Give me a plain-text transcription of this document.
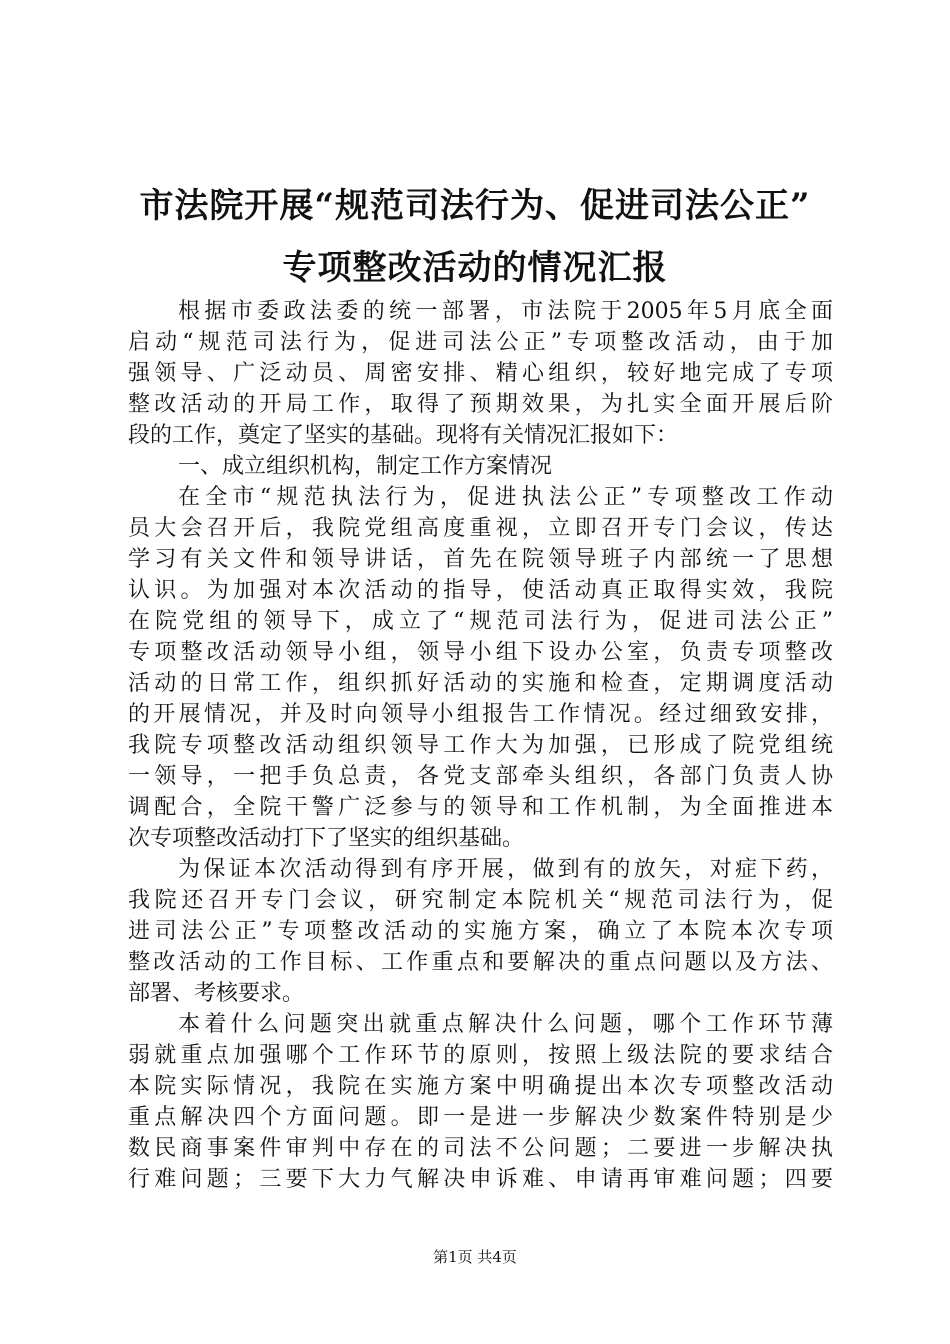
市法院开展“规范司法行为、促进司法公正”
专项整改活动的情况汇报
根据市委政法委的统一部署，市法院于2005年5月底全面
启动“规范司法行为，促进司法公正”专项整改活动，由于加
强领导、广泛动员、周密安排、精心组织，较好地完成了专项
整改活动的开局工作，取得了预期效果，为扎实全面开展后阶
段的工作，奠定了坚实的基础。现将有关情况汇报如下：
一、成立组织机构，制定工作方案情况
在全市“规范执法行为，促进执法公正”专项整改工作动
员大会召开后，我院党组高度重视，立即召开专门会议，传达
学习有关文件和领导讲话，首先在院领导班子内部统一了思想
认识。为加强对本次活动的指导，使活动真正取得实效，我院
在院党组的领导下，成立了“规范司法行为，促进司法公正”
专项整改活动领导小组，领导小组下设办公室，负责专项整改
活动的日常工作，组织抓好活动的实施和检查，定期调度活动
的开展情况，并及时向领导小组报告工作情况。经过细致安排，
我院专项整改活动组织领导工作大为加强，已形成了院党组统
一领导，一把手负总责，各党支部牵头组织，各部门负责人协
调配合，全院干警广泛参与的领导和工作机制，为全面推进本
次专项整改活动打下了坚实的组织基础。
为保证本次活动得到有序开展，做到有的放矢，对症下药，
我院还召开专门会议，研究制定本院机关“规范司法行为，促
进司法公正”专项整改活动的实施方案，确立了本院本次专项
整改活动的工作目标、工作重点和要解决的重点问题以及方法、
部署、考核要求。
本着什么问题突出就重点解决什么问题，哪个工作环节薄
弱就重点加强哪个工作环节的原则，按照上级法院的要求结合
本院实际情况，我院在实施方案中明确提出本次专项整改活动
重点解决四个方面问题。即一是进一步解决少数案件特别是少
数民商事案件审判中存在的司法不公问题；二要进一步解决执
行难问题；三要下大力气解决申诉难、申请再审难问题；四要
第1页 共4页
